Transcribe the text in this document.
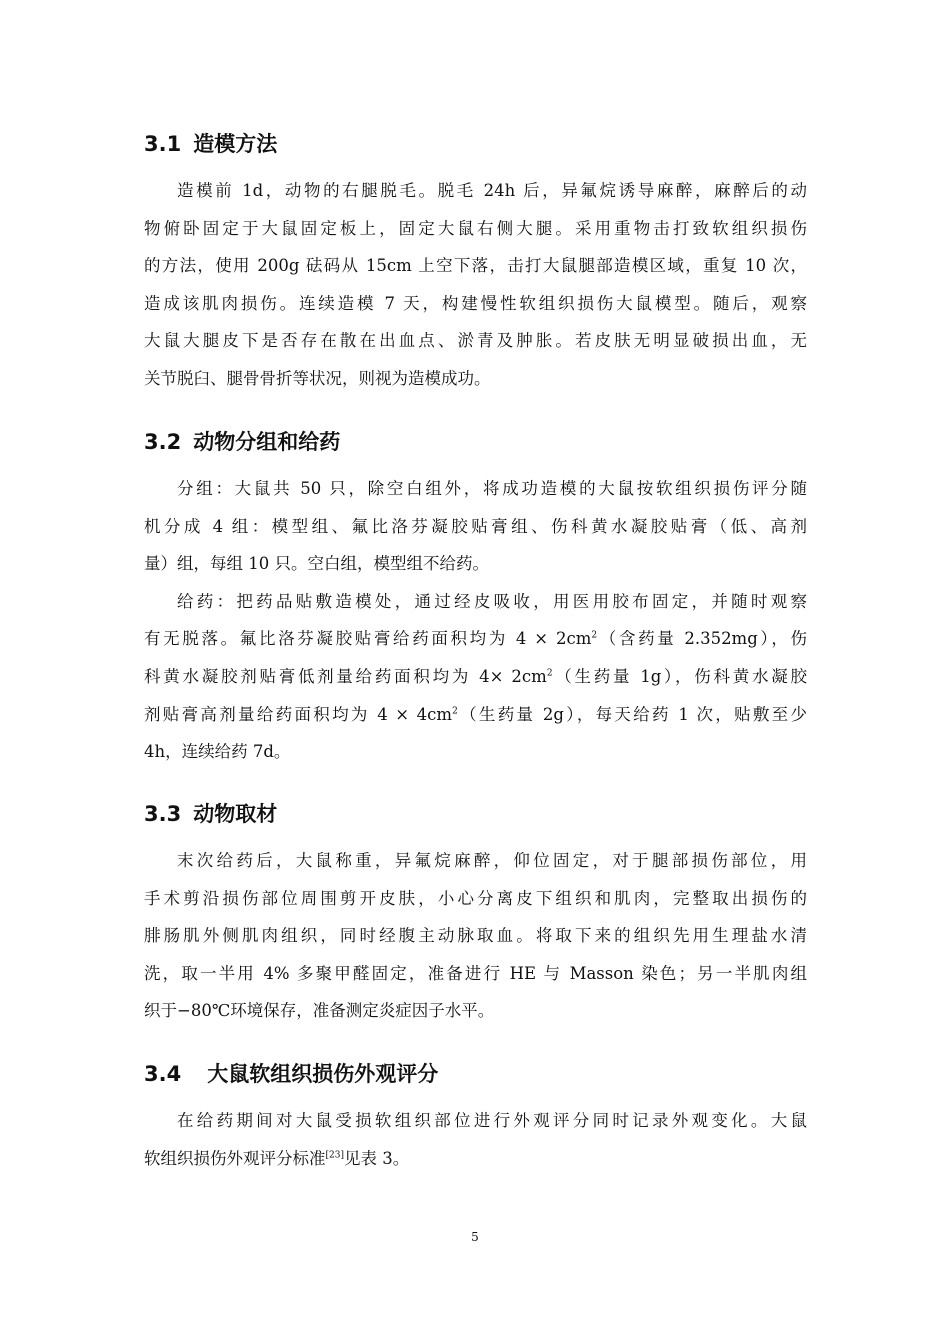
3.1 造模方法
造模前 1d，动物的右腿脱毛。脱毛 24h 后，异氟烷诱导麻醉，麻醉后的动
物俯卧固定于大鼠固定板上，固定大鼠右侧大腿。采用重物击打致软组织损伤
的方法，使用 200g 砝码从 15cm 上空下落，击打大鼠腿部造模区域，重复 10 次，
造成该肌肉损伤。连续造模 7 天，构建慢性软组织损伤大鼠模型。随后，观察
大鼠大腿皮下是否存在散在出血点、淤青及肿胀。若皮肤无明显破损出血，无
关节脱臼、腿骨骨折等状况，则视为造模成功。
3.2 动物分组和给药
分组：大鼠共 50 只，除空白组外，将成功造模的大鼠按软组织损伤评分随
机分成 4 组：模型组、氟比洛芬凝胶贴膏组、伤科黄水凝胶贴膏（低、高剂
量）组，每组 10 只。空白组，模型组不给药。
给药：把药品贴敷造模处，通过经皮吸收，用医用胶布固定，并随时观察
有无脱落。氟比洛芬凝胶贴膏给药面积均为 $4 \times 2cm^2$（含药量 2.352mg），伤
科黄水凝胶剂贴膏低剂量给药面积均为 $4\times 2cm^2$（生药量 1g），伤科黄水凝胶
剂贴膏高剂量给药面积均为 $4 \times 4cm^2$（生药量 2g），每天给药 1 次，贴敷至少
4h，连续给药 7d。
3.3 动物取材
末次给药后，大鼠称重，异氟烷麻醉，仰位固定，对于腿部损伤部位，用
手术剪沿损伤部位周围剪开皮肤，小心分离皮下组织和肌肉，完整取出损伤的
腓肠肌外侧肌肉组织，同时经腹主动脉取血。将取下来的组织先用生理盐水清
洗，取一半用 4% 多聚甲醛固定，准备进行 HE 与 Masson 染色；另一半肌肉组
织于−80℃环境保存，准备测定炎症因子水平。
3.4 大鼠软组织损伤外观评分
在给药期间对大鼠受损软组织部位进行外观评分同时记录外观变化。大鼠
软组织损伤外观评分标准[23]见表 3。
5
